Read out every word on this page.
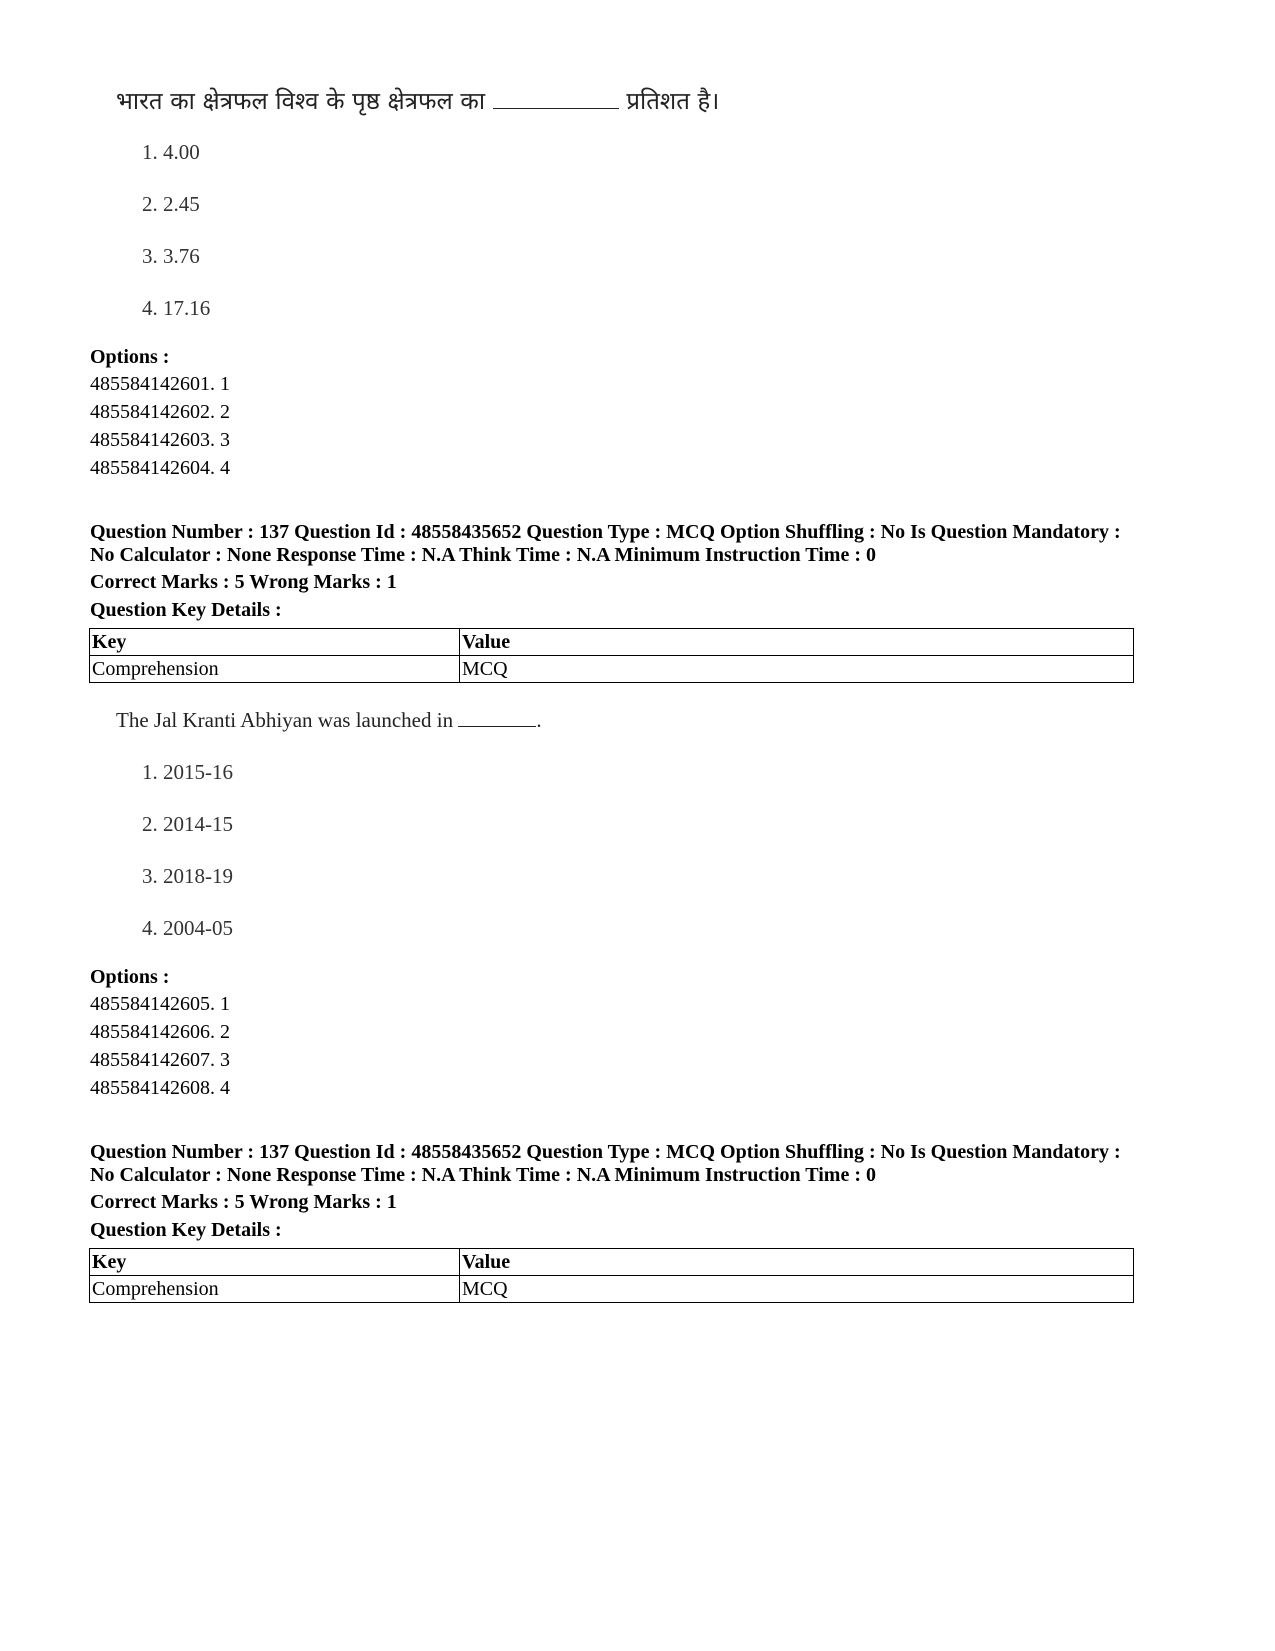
भारत का क्षेत्रफल विश्व के पृष्ठ क्षेत्रफल का	प्रतिशत है।
1. 4.00
2. 2.45
3. 3.76
4. 17.16
Options :
485584142601. 1
485584142602. 2
485584142603. 3
485584142604. 4
Question Number : 137 Question Id : 48558435652 Question Type : MCQ Option Shuffling : No Is Question Mandatory :
No Calculator : None Response Time : N.A Think Time : N.A Minimum Instruction Time : 0
Correct Marks : 5 Wrong Marks : 1
Question Key Details :
Key	Value
Comprehension	MCQ
The Jal Kranti Abhiyan was launched in	.
1. 2015-16
2. 2014-15
3. 2018-19
4. 2004-05
Options :
485584142605. 1
485584142606. 2
485584142607. 3
485584142608. 4
Question Number : 137 Question Id : 48558435652 Question Type : MCQ Option Shuffling : No Is Question Mandatory :
No Calculator : None Response Time : N.A Think Time : N.A Minimum Instruction Time : 0
Correct Marks : 5 Wrong Marks : 1
Question Key Details :
Key	Value
Comprehension	MCQ
